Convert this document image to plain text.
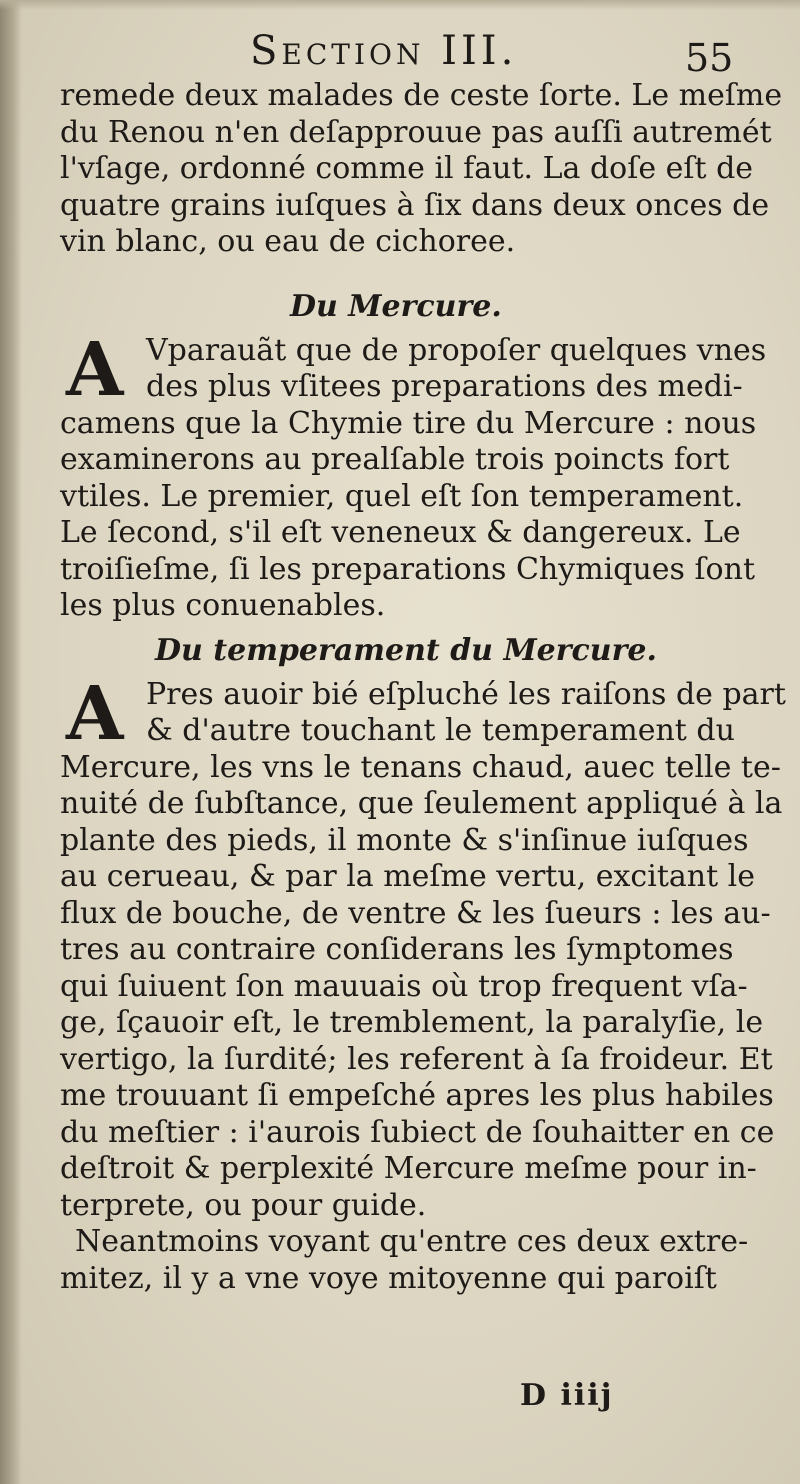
Section III.	55
remede deux malades de ceste ſorte. Le meſme
du Renou n'en deſapprouue pas auſſi autremét
l'vſage, ordonné comme il faut. La doſe eſt de
quatre grains iuſques à ſix dans deux onces de
vin blanc, ou eau de cichoree.
Du Mercure.
A Vparauãt que de propoſer quelques vnes
des plus vſitees preparations des medi-
camens que la Chymie tire du Mercure : nous
examinerons au prealſable trois poincts fort
vtiles. Le premier, quel eſt ſon temperament.
Le ſecond, s'il eſt veneneux & dangereux. Le
troiſieſme, ſi les preparations Chymiques ſont
les plus conuenables.
Du temperament du Mercure.
A Pres auoir bié eſpluché les raiſons de part
& d'autre touchant le temperament du
Mercure, les vns le tenans chaud, auec telle te-
nuité de ſubſtance, que ſeulement appliqué à la
plante des pieds, il monte & s'inſinue iuſques
au cerueau, & par la meſme vertu, excitant le
flux de bouche, de ventre & les ſueurs : les au-
tres au contraire conſiderans les ſymptomes
qui ſuiuent ſon mauuais où trop frequent vſa-
ge, ſçauoir eſt, le tremblement, la paralyſie, le
vertigo, la ſurdité; les referent à ſa froideur. Et
me trouuant ſi empeſché apres les plus habiles
du meſtier : i'aurois ſubiect de ſouhaitter en ce
deſtroit & perplexité Mercure meſme pour in-
terprete, ou pour guide.
Neantmoins voyant qu'entre ces deux extre-
mitez, il y a vne voye mitoyenne qui paroiſt
D iiij
